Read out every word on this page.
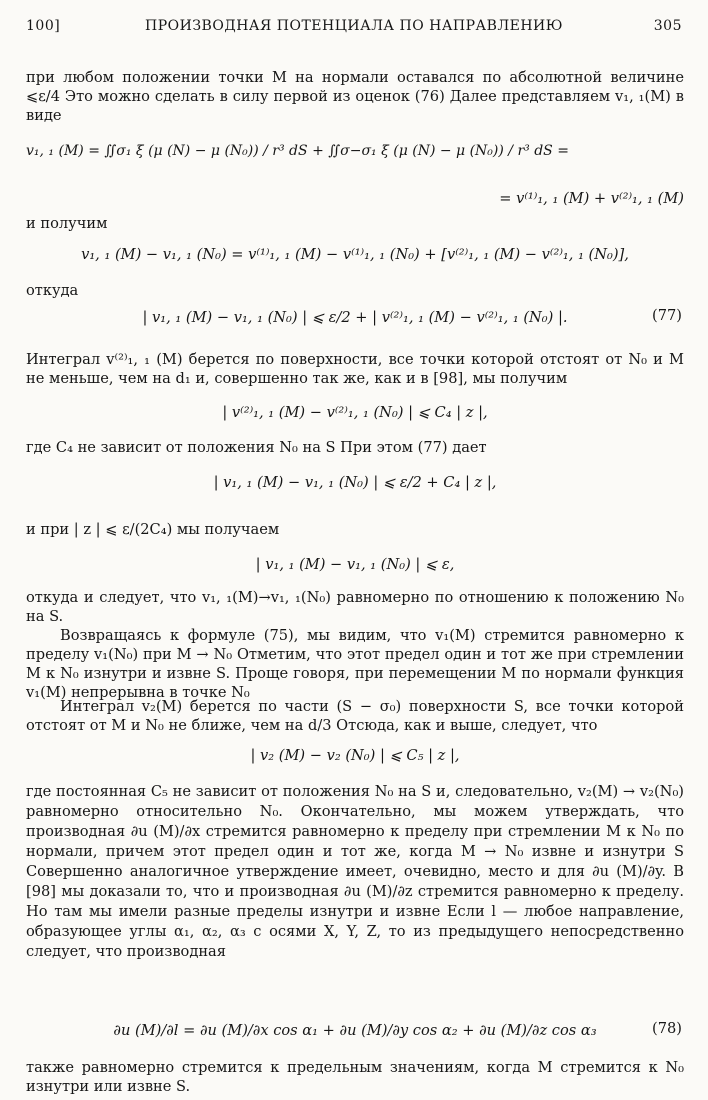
100]	ПРОИЗВОДНАЯ ПОТЕНЦИАЛА ПО НАПРАВЛЕНИЮ	305
при любом положении точки M на нормали оставался по абсолютной величине ⩽ε/4 Это можно сделать в силу первой из оценок (76) Далее представляем v₁, ₁(M) в виде
v₁, ₁ (M) = ∬σ₁ ξ (μ (N) − μ (N₀)) / r³ dS + ∬σ−σ₁ ξ (μ (N) − μ (N₀)) / r³ dS =
= v⁽¹⁾₁, ₁ (M) + v⁽²⁾₁, ₁ (M)
и получим
v₁, ₁ (M) − v₁, ₁ (N₀) = v⁽¹⁾₁, ₁ (M) − v⁽¹⁾₁, ₁ (N₀) + [v⁽²⁾₁, ₁ (M) − v⁽²⁾₁, ₁ (N₀)],
откуда
| v₁, ₁ (M) − v₁, ₁ (N₀) | ⩽ ε/2 + | v⁽²⁾₁, ₁ (M) − v⁽²⁾₁, ₁ (N₀) |.	(77)
Интеграл v⁽²⁾₁, ₁ (M) берется по поверхности, все точки которой отстоят от N₀ и M не меньше, чем на d₁ и, совершенно так же, как и в [98], мы получим
| v⁽²⁾₁, ₁ (M) − v⁽²⁾₁, ₁ (N₀) | ⩽ C₄ | z |,
где C₄ не зависит от положения N₀ на S При этом (77) дает
| v₁, ₁ (M) − v₁, ₁ (N₀) | ⩽ ε/2 + C₄ | z |,
и при | z | ⩽ ε/(2C₄) мы получаем
| v₁, ₁ (M) − v₁, ₁ (N₀) | ⩽ ε,
откуда и следует, что v₁, ₁(M)→v₁, ₁(N₀) равномерно по отношению к положению N₀ на S.
Возвращаясь к формуле (75), мы видим, что v₁(M) стремится равномерно к пределу v₁(N₀) при M → N₀ Отметим, что этот предел один и тот же при стремлении M к N₀ изнутри и извне S. Проще говоря, при перемещении M по нормали функция v₁(M) непрерывна в точке N₀
Интеграл v₂(M) берется по части (S − σ₀) поверхности S, все точки которой отстоят от M и N₀ не ближе, чем на d/3 Отсюда, как и выше, следует, что
| v₂ (M) − v₂ (N₀) | ⩽ C₅ | z |,
где постоянная C₅ не зависит от положения N₀ на S и, следовательно, v₂(M) → v₂(N₀) равномерно относительно N₀. Окончательно, мы можем утверждать, что производная ∂u (M)/∂x стремится равномерно к пределу при стремлении M к N₀ по нормали, причем этот предел один и тот же, когда M → N₀ извне и изнутри S Совершенно аналогичное утверждение имеет, очевидно, место и для ∂u (M)/∂y. В [98] мы доказали то, что и производная ∂u (M)/∂z стремится равномерно к пределу. Но там мы имели разные пределы изнутри и извне Если l — любое направление, образующее углы α₁, α₂, α₃ с осями X, Y, Z, то из предыдущего непосредственно следует, что производная
∂u (M)/∂l = ∂u (M)/∂x cos α₁ + ∂u (M)/∂y cos α₂ + ∂u (M)/∂z cos α₃	(78)
также равномерно стремится к предельным значениям, когда M стремится к N₀ изнутри или извне S.
